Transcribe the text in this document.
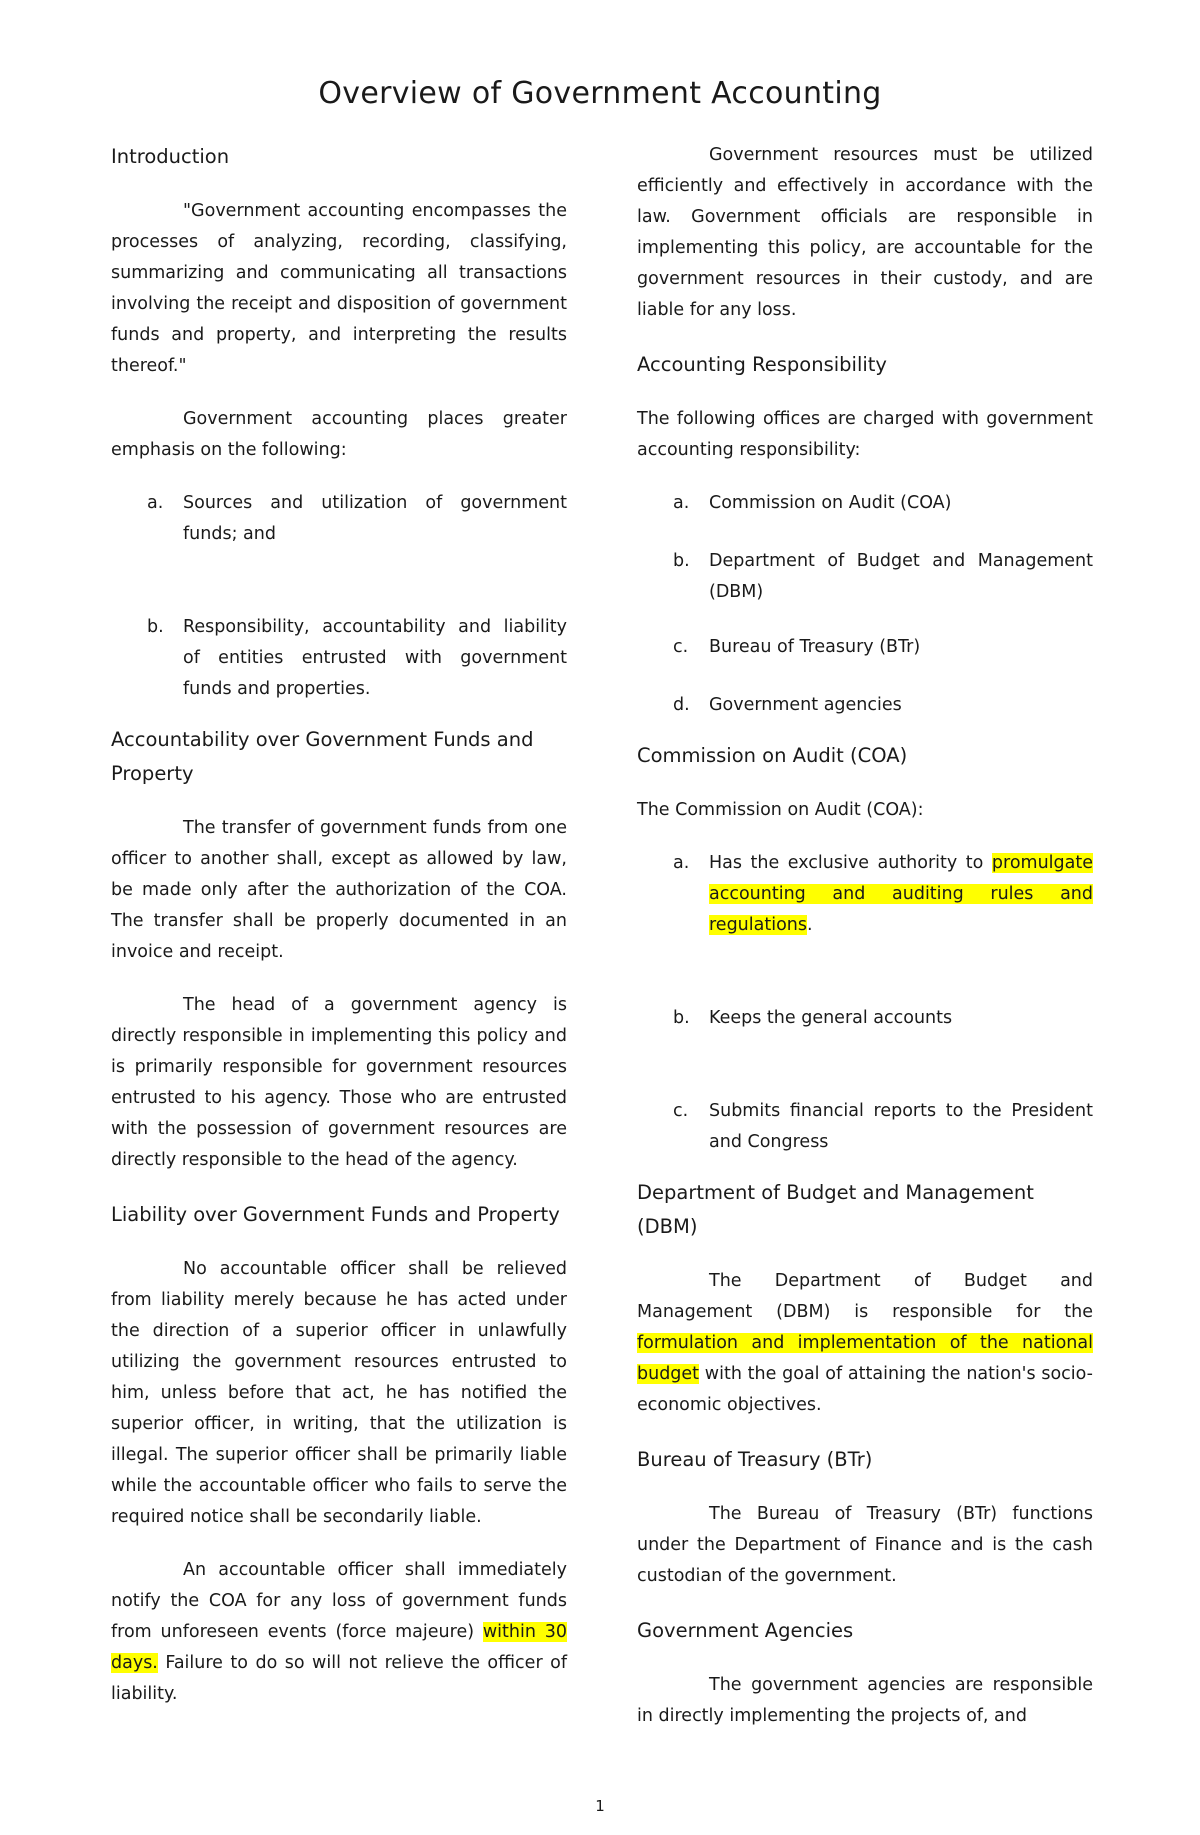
Overview of Government Accounting
Introduction

"Government accounting encompasses the processes of analyzing, recording, classifying, summarizing and communicating all transactions involving the receipt and disposition of government funds and property, and interpreting the results thereof."

Government accounting places greater emphasis on the following:

a. Sources and utilization of government funds; and
b. Responsibility, accountability and liability of entities entrusted with government funds and properties.
Accountability over Government Funds and Property

The transfer of government funds from one officer to another shall, except as allowed by law, be made only after the authorization of the COA. The transfer shall be properly documented in an invoice and receipt.

The head of a government agency is directly responsible in implementing this policy and is primarily responsible for government resources entrusted to his agency. Those who are entrusted with the possession of government resources are directly responsible to the head of the agency.

Liability over Government Funds and Property

No accountable officer shall be relieved from liability merely because he has acted under the direction of a superior officer in unlawfully utilizing the government resources entrusted to him, unless before that act, he has notified the superior officer, in writing, that the utilization is illegal. The superior officer shall be primarily liable while the accountable officer who fails to serve the required notice shall be secondarily liable.

An accountable officer shall immediately notify the COA for any loss of government funds from unforeseen events (force majeure) within 30 days. Failure to do so will not relieve the officer of liability.

Government resources must be utilized efficiently and effectively in accordance with the law. Government officials are responsible in implementing this policy, are accountable for the government resources in their custody, and are liable for any loss.

Accounting Responsibility

The following offices are charged with government accounting responsibility:

a. Commission on Audit (COA)
b. Department of Budget and Management (DBM)
c. Bureau of Treasury (BTr)
d. Government agencies
Commission on Audit (COA)

The Commission on Audit (COA):

a. Has the exclusive authority to promulgate accounting and auditing rules and regulations.
b. Keeps the general accounts
c. Submits financial reports to the President and Congress
Department of Budget and Management (DBM)

The Department of Budget and Management (DBM) is responsible for the formulation and implementation of the national budget with the goal of attaining the nation's socio-economic objectives.

Bureau of Treasury (BTr)

The Bureau of Treasury (BTr) functions under the Department of Finance and is the cash custodian of the government.

Government Agencies

The government agencies are responsible in directly implementing the projects of, and

1
